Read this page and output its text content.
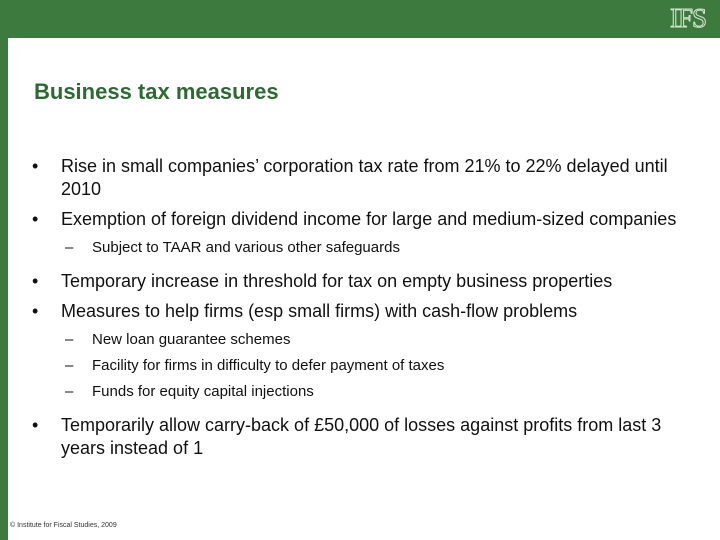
IFS
Business tax measures
• Rise in small companies’ corporation tax rate from 21% to 22% delayed until 2010
• Exemption of foreign dividend income for large and medium-sized companies
– Subject to TAAR and various other safeguards
• Temporary increase in threshold for tax on empty business properties
• Measures to help firms (esp small firms) with cash-flow problems
– New loan guarantee schemes
– Facility for firms in difficulty to defer payment of taxes
– Funds for equity capital injections
• Temporarily allow carry-back of £50,000 of losses against profits from last 3 years instead of 1
© Institute for Fiscal Studies, 2009
